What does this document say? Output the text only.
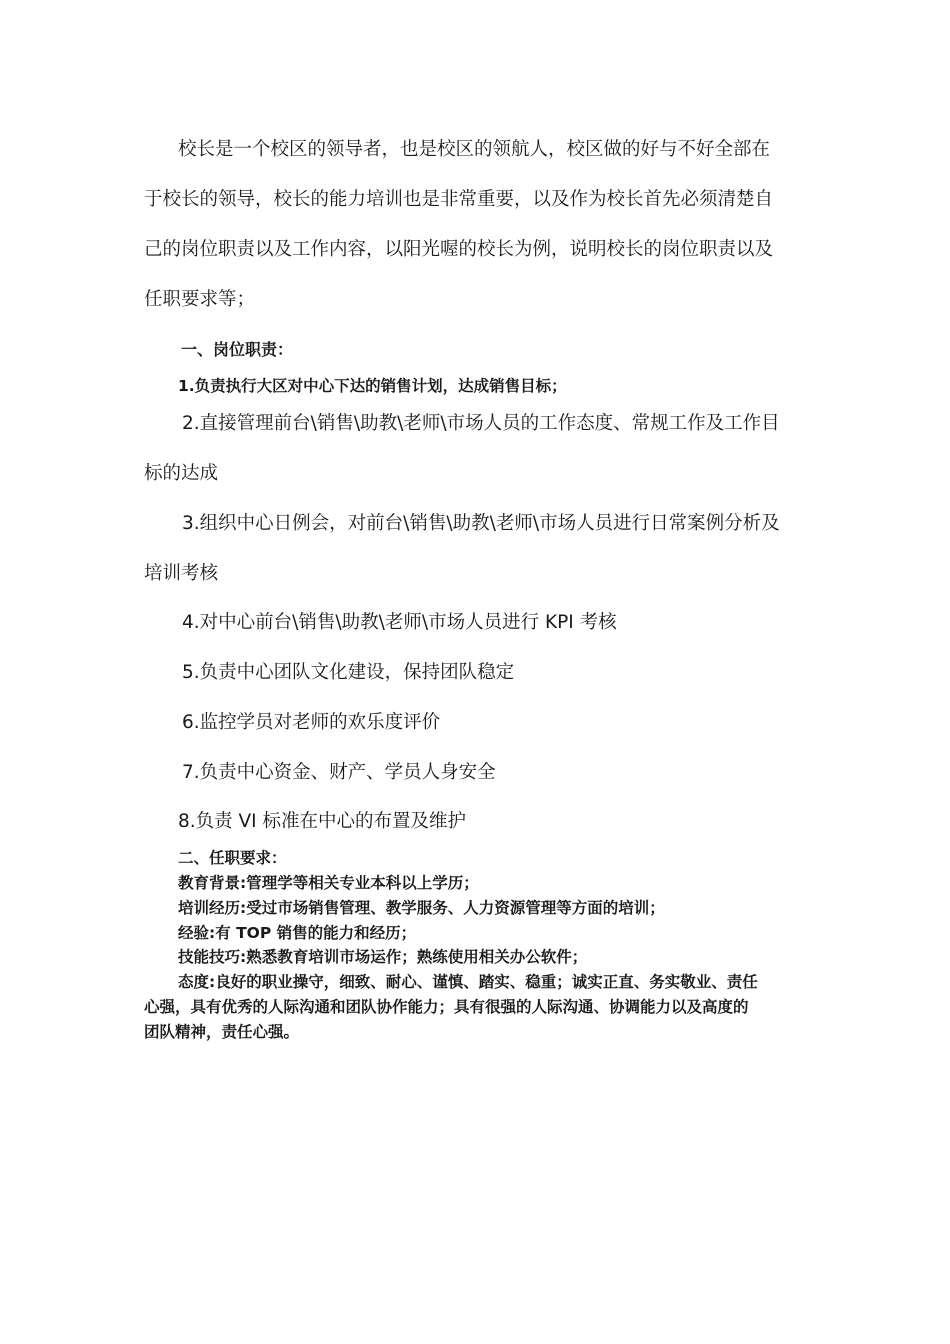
校长是一个校区的领导者，也是校区的领航人，校区做的好与不好全部在

于校长的领导，校长的能力培训也是非常重要，以及作为校长首先必须清楚自

己的岗位职责以及工作内容，以阳光喔的校长为例，说明校长的岗位职责以及

任职要求等；

一、岗位职责：

1.负责执行大区对中心下达的销售计划，达成销售目标；

2.直接管理前台\销售\助教\老师\市场人员的工作态度、常规工作及工作目

标的达成

3.组织中心日例会，对前台\销售\助教\老师\市场人员进行日常案例分析及

培训考核

4.对中心前台\销售\助教\老师\市场人员进行 KPI 考核

5.负责中心团队文化建设，保持团队稳定

6.监控学员对老师的欢乐度评价

7.负责中心资金、财产、学员人身安全

8.负责 VI 标准在中心的布置及维护

二、任职要求：

教育背景:管理学等相关专业本科以上学历；

培训经历:受过市场销售管理、教学服务、人力资源管理等方面的培训；

经验:有 TOP 销售的能力和经历；

技能技巧:熟悉教育培训市场运作；熟练使用相关办公软件；

态度:良好的职业操守，细致、耐心、谨慎、踏实、稳重；诚实正直、务实敬业、责任

心强，具有优秀的人际沟通和团队协作能力；具有很强的人际沟通、协调能力以及高度的

团队精神，责任心强。
